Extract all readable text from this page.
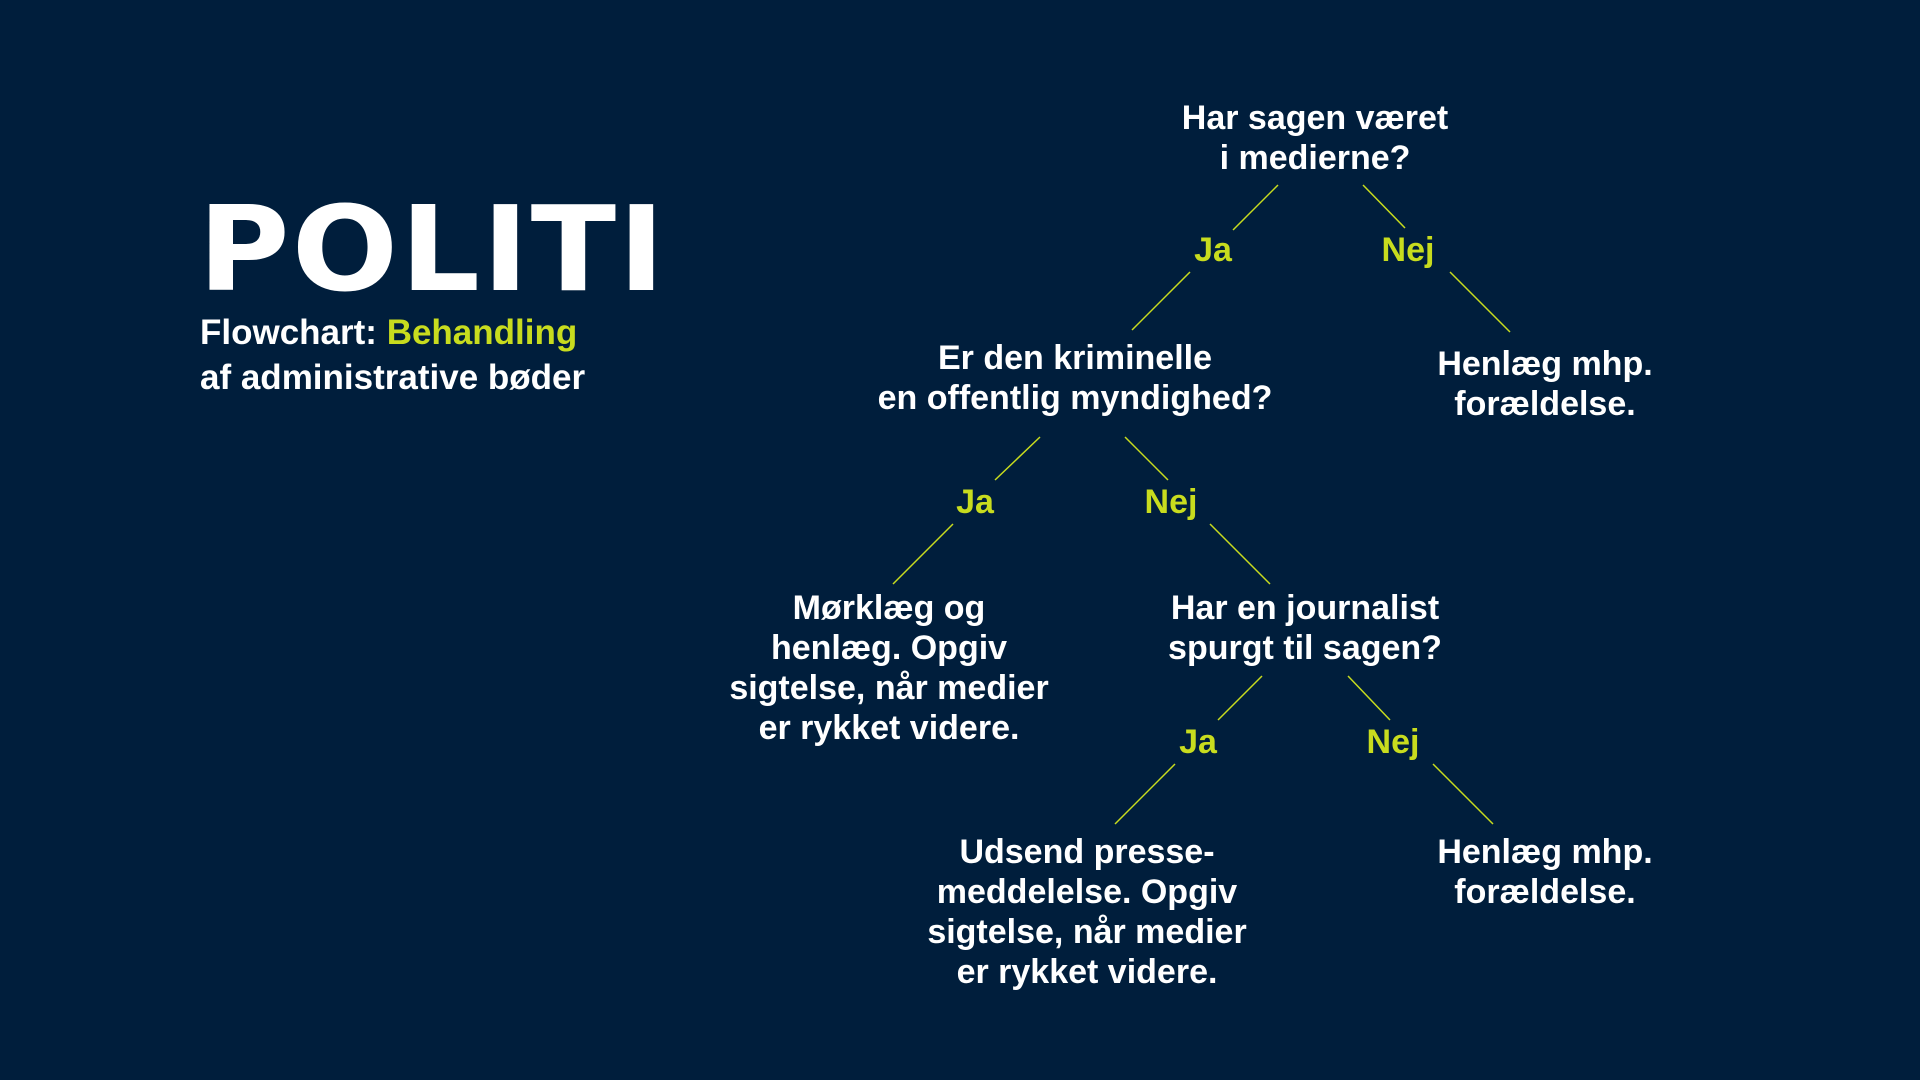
POLITI
Flowchart: Behandling
af administrative bøder
Har sagen været
i medierne?
Ja	Nej
Er den kriminelle
en offentlig myndighed?
Henlæg mhp.
forældelse.
Ja	Nej
Mørklæg og
henlæg. Opgiv
sigtelse, når medier
er rykket videre.
Har en journalist
spurgt til sagen?
Ja	Nej
Udsend presse-
meddelelse. Opgiv
sigtelse, når medier
er rykket videre.
Henlæg mhp.
forældelse.
